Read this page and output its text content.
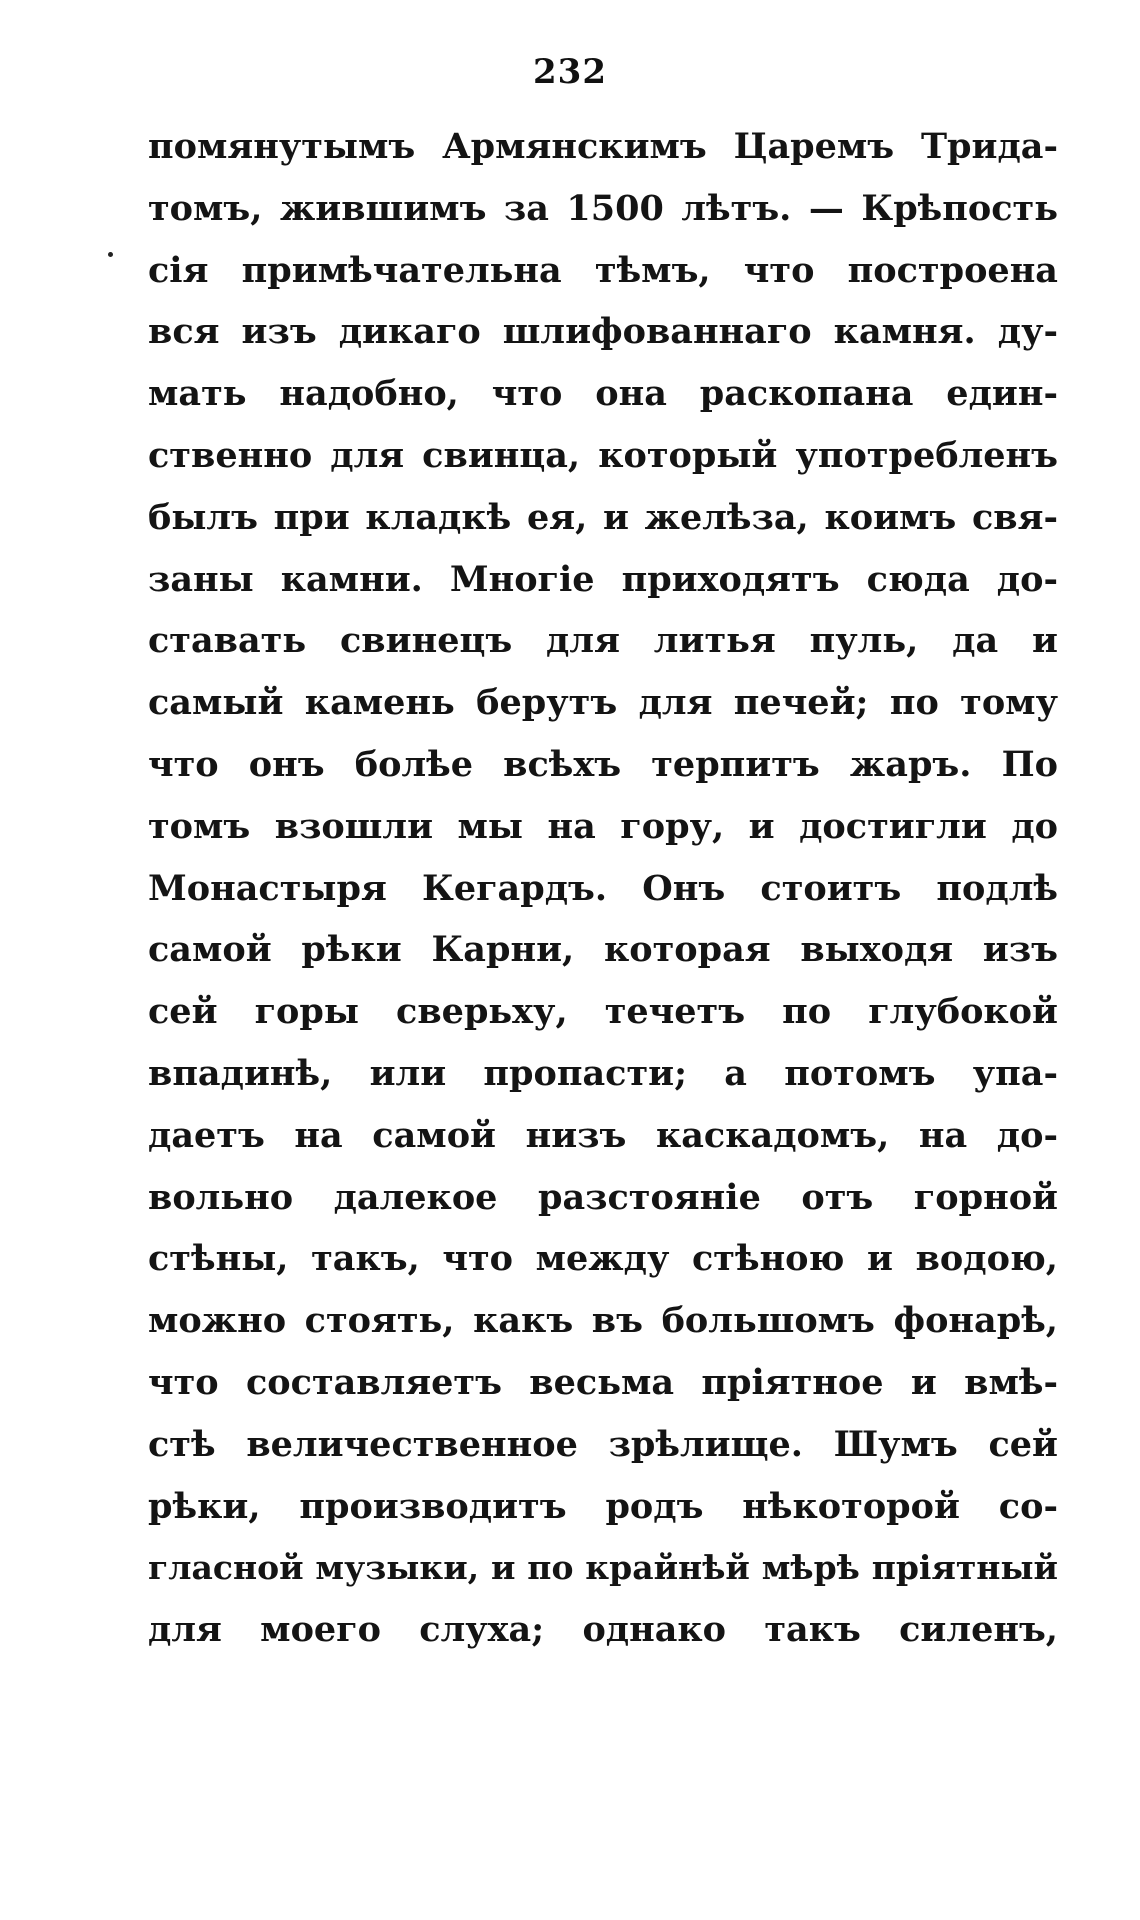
232
помянутымъ Армянскимъ Царемъ Трида-
томъ, жившимъ за 1500 лѣтъ. — Крѣпость
сія примѣчательна тѣмъ, что построена
вся изъ дикаго шлифованнаго камня. ду-
мать надобно, что она раскопана един-
ственно для свинца, который употребленъ
былъ при кладкѣ ея, и желѣза, коимъ свя-
заны камни. Многіе приходятъ сюда до-
ставать свинецъ для литья пуль, да и
самый камень берутъ для печей; по тому
что онъ болѣе всѣхъ терпитъ жаръ. По
томъ взошли мы на гору, и достигли до
Монастыря Кегардъ. Онъ стоитъ подлѣ
самой рѣки Карни, которая выходя изъ
сей горы сверьху, течетъ по глубокой
впадинѣ, или пропасти; а потомъ упа-
даетъ на самой низъ каскадомъ, на до-
вольно далекое разстояніе отъ горной
стѣны, такъ, что между стѣною и водою,
можно стоять, какъ въ большомъ фонарѣ,
что составляетъ весьма пріятное и вмѣ-
стѣ величественное зрѣлище. Шумъ сей
рѣки, производитъ родъ нѣкоторой со-
гласной музыки, и по крайнѣй мѣрѣ пріятный
для моего слуха; однако такъ силенъ,
